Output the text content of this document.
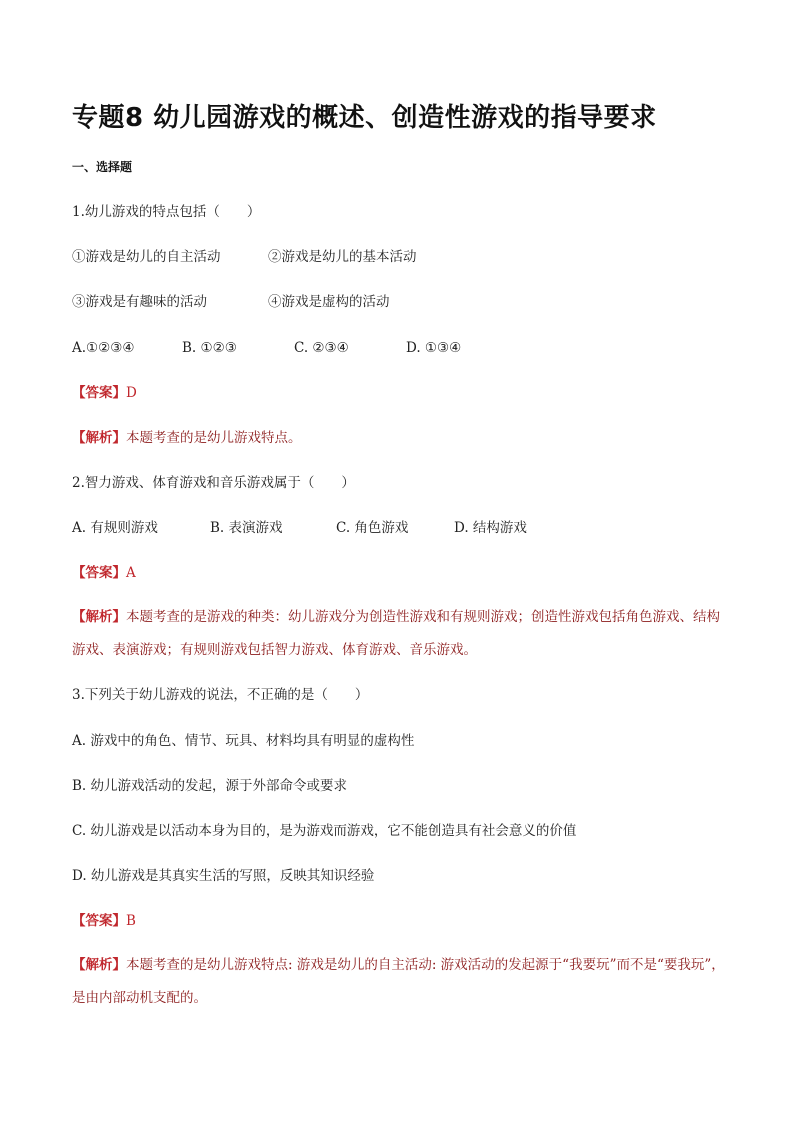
专题8 幼儿园游戏的概述、创造性游戏的指导要求
一、选择题
1.幼儿游戏的特点包括（　　）
①游戏是幼儿的自主活动	②游戏是幼儿的基本活动
③游戏是有趣味的活动	④游戏是虚构的活动
A.①②③④	B. ①②③	C. ②③④	D. ①③④
【答案】D
【解析】本题考查的是幼儿游戏特点。
2.智力游戏、体育游戏和音乐游戏属于（　　）
A. 有规则游戏	B. 表演游戏	C. 角色游戏	D. 结构游戏
【答案】A
【解析】本题考查的是游戏的种类：幼儿游戏分为创造性游戏和有规则游戏；创造性游戏包括角色游戏、结构游戏、表演游戏；有规则游戏包括智力游戏、体育游戏、音乐游戏。
3.下列关于幼儿游戏的说法，不正确的是（　　）
A. 游戏中的角色、情节、玩具、材料均具有明显的虚构性
B. 幼儿游戏活动的发起，源于外部命令或要求
C. 幼儿游戏是以活动本身为目的，是为游戏而游戏，它不能创造具有社会意义的价值
D. 幼儿游戏是其真实生活的写照，反映其知识经验
【答案】B
【解析】本题考查的是幼儿游戏特点: 游戏是幼儿的自主活动: 游戏活动的发起源于“我要玩”而不是“要我玩”，是由内部动机支配的。
